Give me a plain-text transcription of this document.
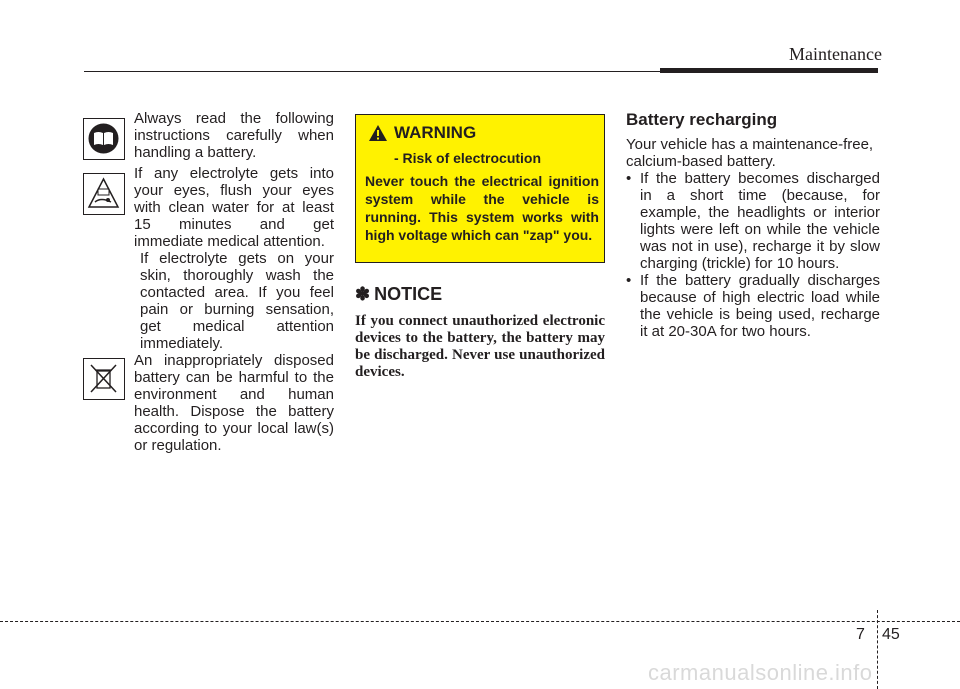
Maintenance
Always read the following instructions carefully when handling a battery.
If any electrolyte gets into your eyes, flush your eyes with clean water for at least 15 minutes and get immediate medical attention.
If electrolyte gets on your skin, thoroughly wash the contacted area. If you feel pain or burning sensation, get medical attention immediately.
An inappropriately disposed battery can be harmful to the environment and human health. Dispose the battery according to your local law(s) or regulation.
WARNING
- Risk of electrocution
Never touch the electrical ignition system while the vehicle is running. This system works with high voltage which can "zap" you.
✽ NOTICE
If you connect unauthorized electronic devices to the battery, the battery may be discharged. Never use unauthorized devices.
Battery recharging
Your vehicle has a maintenance-free, calcium-based battery.
• If the battery becomes discharged in a short time (because, for example, the headlights or interior lights were left on while the vehicle was not in use), recharge it by slow charging (trickle) for 10 hours.
• If the battery gradually discharges because of high electric load while the vehicle is being used, recharge it at 20-30A for two hours.
7 45
carmanualsonline.info
